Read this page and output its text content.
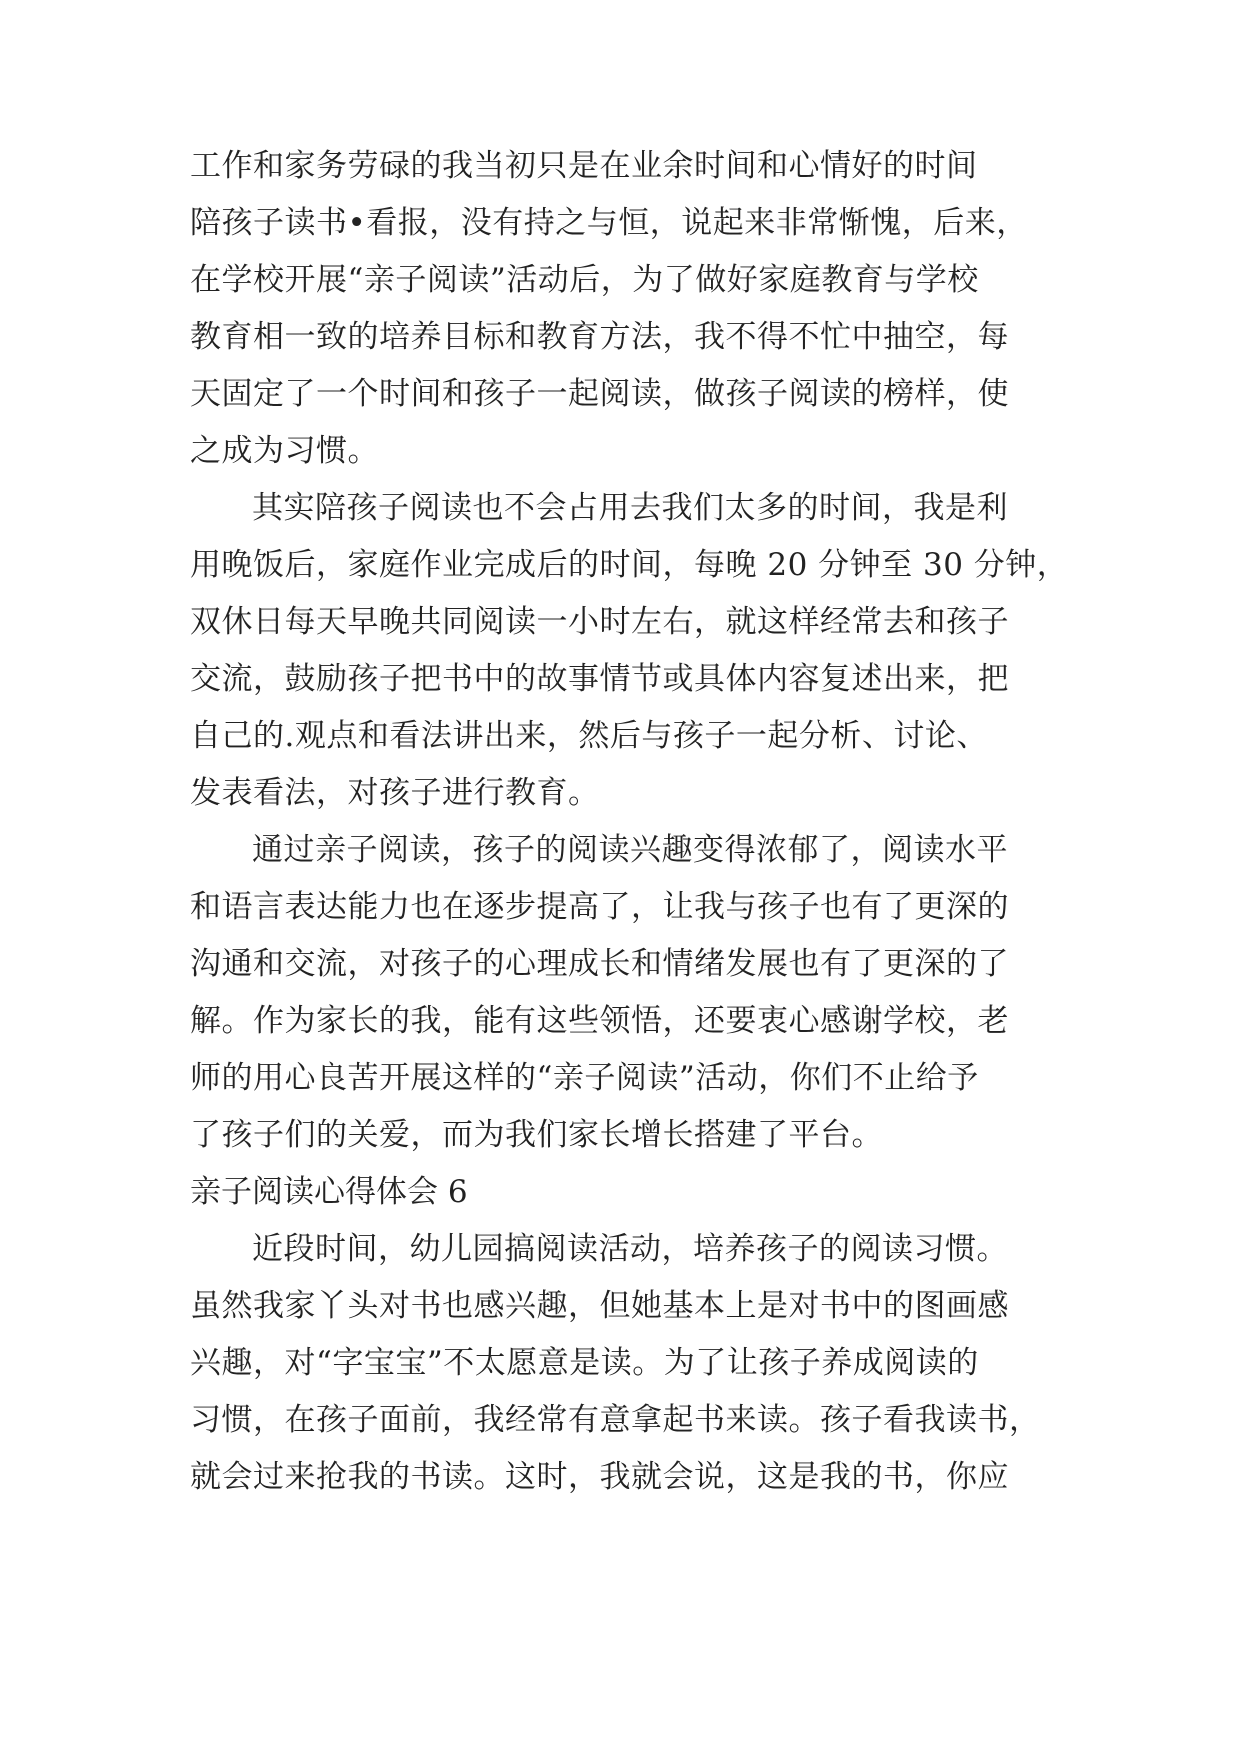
工作和家务劳碌的我当初只是在业余时间和心情好的时间
陪孩子读书•看报，没有持之与恒，说起来非常惭愧，后来，
在学校开展“亲子阅读”活动后，为了做好家庭教育与学校
教育相一致的培养目标和教育方法，我不得不忙中抽空，每
天固定了一个时间和孩子一起阅读，做孩子阅读的榜样，使
之成为习惯。
其实陪孩子阅读也不会占用去我们太多的时间，我是利
用晚饭后，家庭作业完成后的时间，每晚 20 分钟至 30 分钟，
双休日每天早晚共同阅读一小时左右，就这样经常去和孩子
交流，鼓励孩子把书中的故事情节或具体内容复述出来，把
自己的.观点和看法讲出来，然后与孩子一起分析、讨论、
发表看法，对孩子进行教育。
通过亲子阅读，孩子的阅读兴趣变得浓郁了，阅读水平
和语言表达能力也在逐步提高了，让我与孩子也有了更深的
沟通和交流，对孩子的心理成长和情绪发展也有了更深的了
解。作为家长的我，能有这些领悟，还要衷心感谢学校，老
师的用心良苦开展这样的“亲子阅读”活动，你们不止给予
了孩子们的关爱，而为我们家长增长搭建了平台。
亲子阅读心得体会 6
近段时间，幼儿园搞阅读活动，培养孩子的阅读习惯。
虽然我家丫头对书也感兴趣，但她基本上是对书中的图画感
兴趣，对“字宝宝”不太愿意是读。为了让孩子养成阅读的
习惯，在孩子面前，我经常有意拿起书来读。孩子看我读书，
就会过来抢我的书读。这时，我就会说，这是我的书，你应
